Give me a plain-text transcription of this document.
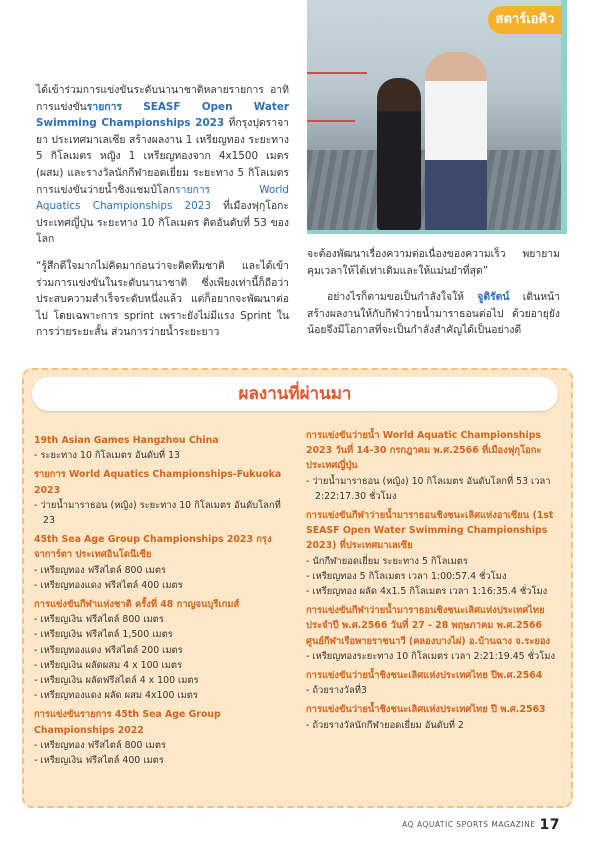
สตาร์เอคิว

ได้เข้าร่วมการแข่งขันระดับนานาชาติหลายรายการ อาทิ การแข่งขันรายการ SEASF Open Water Swimming Championships 2023 ที่กรุงปุตราจายา ประเทศมาเลเซีย สร้างผลงาน 1 เหรียญทอง ระยะทาง 5 กิโลเมตร หญิง 1 เหรียญทองจาก 4x1500 เมตร (ผสม) และรางวัลนักกีฬายอดเยี่ยม ระยะทาง 5 กิโลเมตร การแข่งขันว่ายน้ำชิงแชมป์โลกรายการ World Aquatics Championships 2023 ที่เมืองฟุกุโอกะ ประเทศญี่ปุ่น ระยะทาง 10 กิโลเมตร ติดอันดับที่ 53 ของโลก

“รู้สึกดีใจมากไม่คิดมาก่อนว่าจะติดทีมชาติ และได้เข้าร่วมการแข่งขันในระดับนานาชาติ ซึ่งเพียงเท่านี้ก็ถือว่าประสบความสำเร็จระดับหนึ่งแล้ว แต่ก็อยากจะพัฒนาต่อไป โดยเฉพาะการ sprint เพราะยังไม่มีแรง Sprint ในการว่ายระยะสั้น ส่วนการว่ายน้ำระยะยาว

จะต้องพัฒนาเรื่องความต่อเนื่องของความเร็ว พยายามคุมเวลาให้ได้เท่าเดิมและให้แม่นยำที่สุด”

อย่างไรก็ตามขอเป็นกำลังใจให้ จูติรัตน์ เดินหน้าสร้างผลงานให้กับกีฬาว่ายน้ำมาราธอนต่อไป ด้วยอายุยังน้อยจึงมีโอกาสที่จะเป็นกำลังสำคัญได้เป็นอย่างดี

ผลงานที่ผ่านมา
19th Asian Games Hangzhou China
- ระยะทาง 10 กิโลเมตร อันดับที่ 13
รายการ World Aquatics Championships-Fukuoka 2023
- ว่ายน้ำมาราธอน (หญิง) ระยะทาง 10 กิโลเมตร อันดับโลกที่ 23
45th Sea Age Group Championships 2023 กรุงจาการ์ตา ประเทศอินโดนีเซีย
- เหรียญทอง ฟรีสไตล์ 800 เมตร
- เหรียญทองแดง ฟรีสไตล์ 400 เมตร
การแข่งขันกีฬาแห่งชาติ ครั้งที่ 48 กาญจนบุรีเกมส์
- เหรียญเงิน ฟรีสไตล์ 800 เมตร
- เหรียญเงิน ฟรีสไตล์ 1,500 เมตร
- เหรียญทองแดง ฟรีสไตล์ 200 เมตร
- เหรียญเงิน ผลัดผสม 4 x 100 เมตร
- เหรียญเงิน ผลัดฟรีสไตล์ 4 x 100 เมตร
- เหรียญทองแดง ผลัด ผสม 4x100 เมตร
การแข่งขันรายการ 45th Sea Age Group Championships 2022
- เหรียญทอง ฟรีสไตล์ 800 เมตร
- เหรียญเงิน ฟรีสไตล์ 400 เมตร
การแข่งขันว่ายน้ำ World Aquatic Championships 2023 วันที่ 14-30 กรกฎาคม พ.ศ.2566 ที่เมืองฟุกุโอกะ ประเทศญี่ปุ่น
- ว่ายน้ำมาราธอน (หญิง) 10 กิโลเมตร อันดับโลกที่ 53 เวลา 2:22:17.30 ชั่วโมง
การแข่งขันกีฬาว่ายน้ำมาราธอนชิงชนะเลิศแห่งอาเซียน (1st SEASF Open Water Swimming Championships 2023) ที่ประเทศมาเลเซีย
- นักกีฬายอดเยี่ยม ระยะทาง 5 กิโลเมตร
- เหรียญทอง 5 กิโลเมตร เวลา 1:00:57.4 ชั่วโมง
- เหรียญทอง ผลัด 4x1.5 กิโลเมตร เวลา 1:16:35.4 ชั่วโมง
การแข่งขันกีฬาว่ายน้ำมาราธอนชิงชนะเลิศแห่งประเทศไทย ประจำปี พ.ศ.2566 วันที่ 27 - 28 พฤษภาคม พ.ศ.2566 ศูนย์กีฬาเรือพายราชนาวี (คลองบางไผ่) อ.บ้านฉาง จ.ระยอง
- เหรียญทองระยะทาง 10 กิโลเมตร เวลา 2:21:19.45 ชั่วโมง
การแข่งขันว่ายน้ำชิงชนะเลิศแห่งประเทศไทย ปีพ.ศ.2564
- ถ้วยรางวัลที่3
การแข่งขันว่ายน้ำชิงชนะเลิศแห่งประเทศไทย ปี พ.ศ.2563
- ถ้วยรางวัลนักกีฬายอดเยี่ยม อันดับที่ 2
AQ AQUATIC SPORTS MAGAZINE 17
